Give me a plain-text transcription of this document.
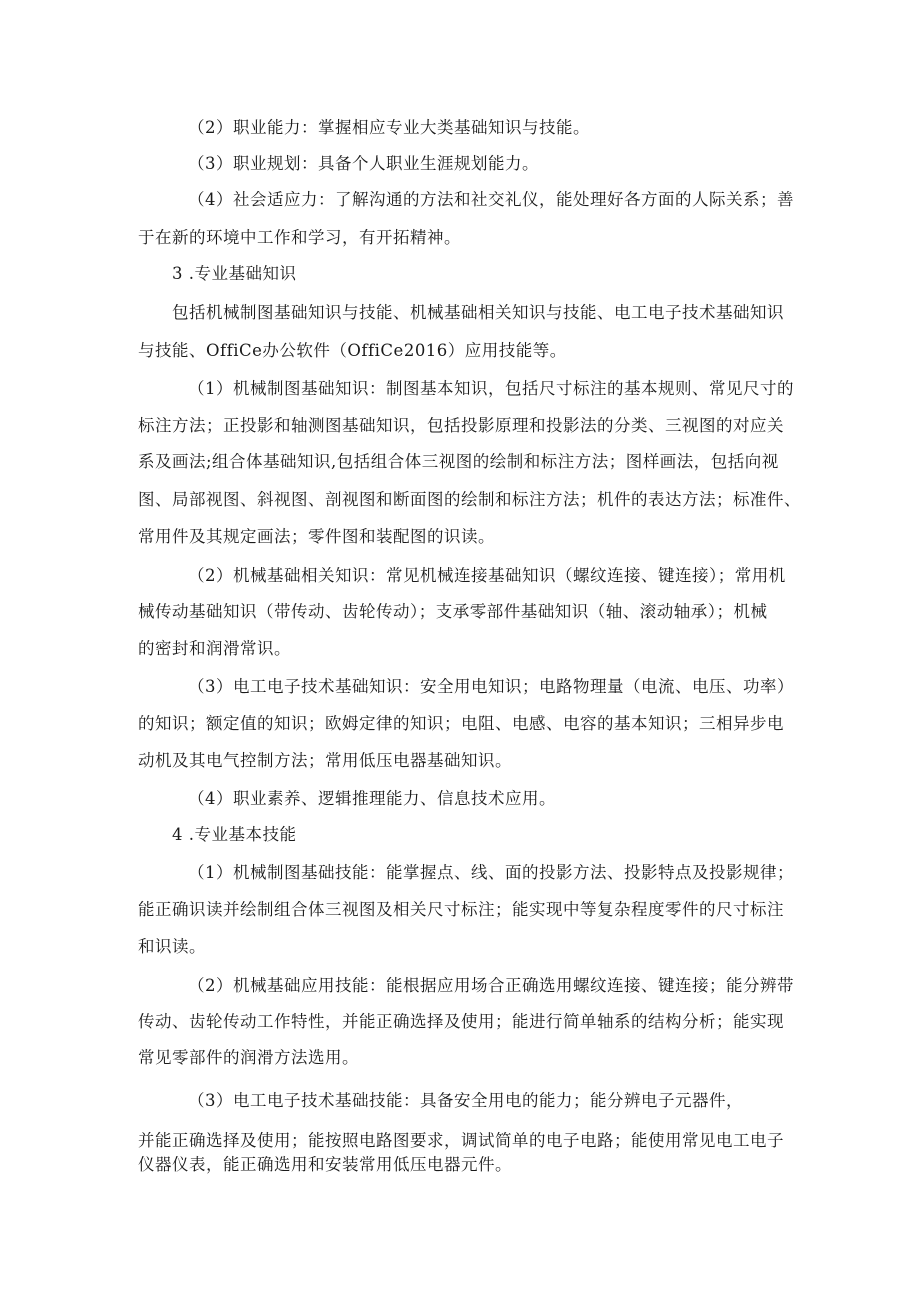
（2）职业能力：掌握相应专业大类基础知识与技能。
（3）职业规划：具备个人职业生涯规划能力。
（4）社会适应力：了解沟通的方法和社交礼仪，能处理好各方面的人际关系；善
于在新的环境中工作和学习，有开拓精神。
3 .专业基础知识
包括机械制图基础知识与技能、机械基础相关知识与技能、电工电子技术基础知识
与技能、OffiCe办公软件（OffiCe2016）应用技能等。
（1）机械制图基础知识：制图基本知识，包括尺寸标注的基本规则、常见尺寸的
标注方法；正投影和轴测图基础知识，包括投影原理和投影法的分类、三视图的对应关
系及画法;组合体基础知识,包括组合体三视图的绘制和标注方法；图样画法，包括向视
图、局部视图、斜视图、剖视图和断面图的绘制和标注方法；机件的表达方法；标准件、
常用件及其规定画法；零件图和装配图的识读。
（2）机械基础相关知识：常见机械连接基础知识（螺纹连接、键连接）；常用机
械传动基础知识（带传动、齿轮传动）；支承零部件基础知识（轴、滚动轴承）；机械
的密封和润滑常识。
（3）电工电子技术基础知识：安全用电知识；电路物理量（电流、电压、功率）
的知识；额定值的知识；欧姆定律的知识；电阻、电感、电容的基本知识；三相异步电
动机及其电气控制方法；常用低压电器基础知识。
（4）职业素养、逻辑推理能力、信息技术应用。
4 .专业基本技能
（1）机械制图基础技能：能掌握点、线、面的投影方法、投影特点及投影规律；
能正确识读并绘制组合体三视图及相关尺寸标注；能实现中等复杂程度零件的尺寸标注
和识读。
（2）机械基础应用技能：能根据应用场合正确选用螺纹连接、键连接；能分辨带
传动、齿轮传动工作特性，并能正确选择及使用；能进行简单轴系的结构分析；能实现
常见零部件的润滑方法选用。
（3）电工电子技术基础技能：具备安全用电的能力；能分辨电子元器件，
并能正确选择及使用；能按照电路图要求，调试简单的电子电路；能使用常见电工电子
仪器仪表，能正确选用和安装常用低压电器元件。
